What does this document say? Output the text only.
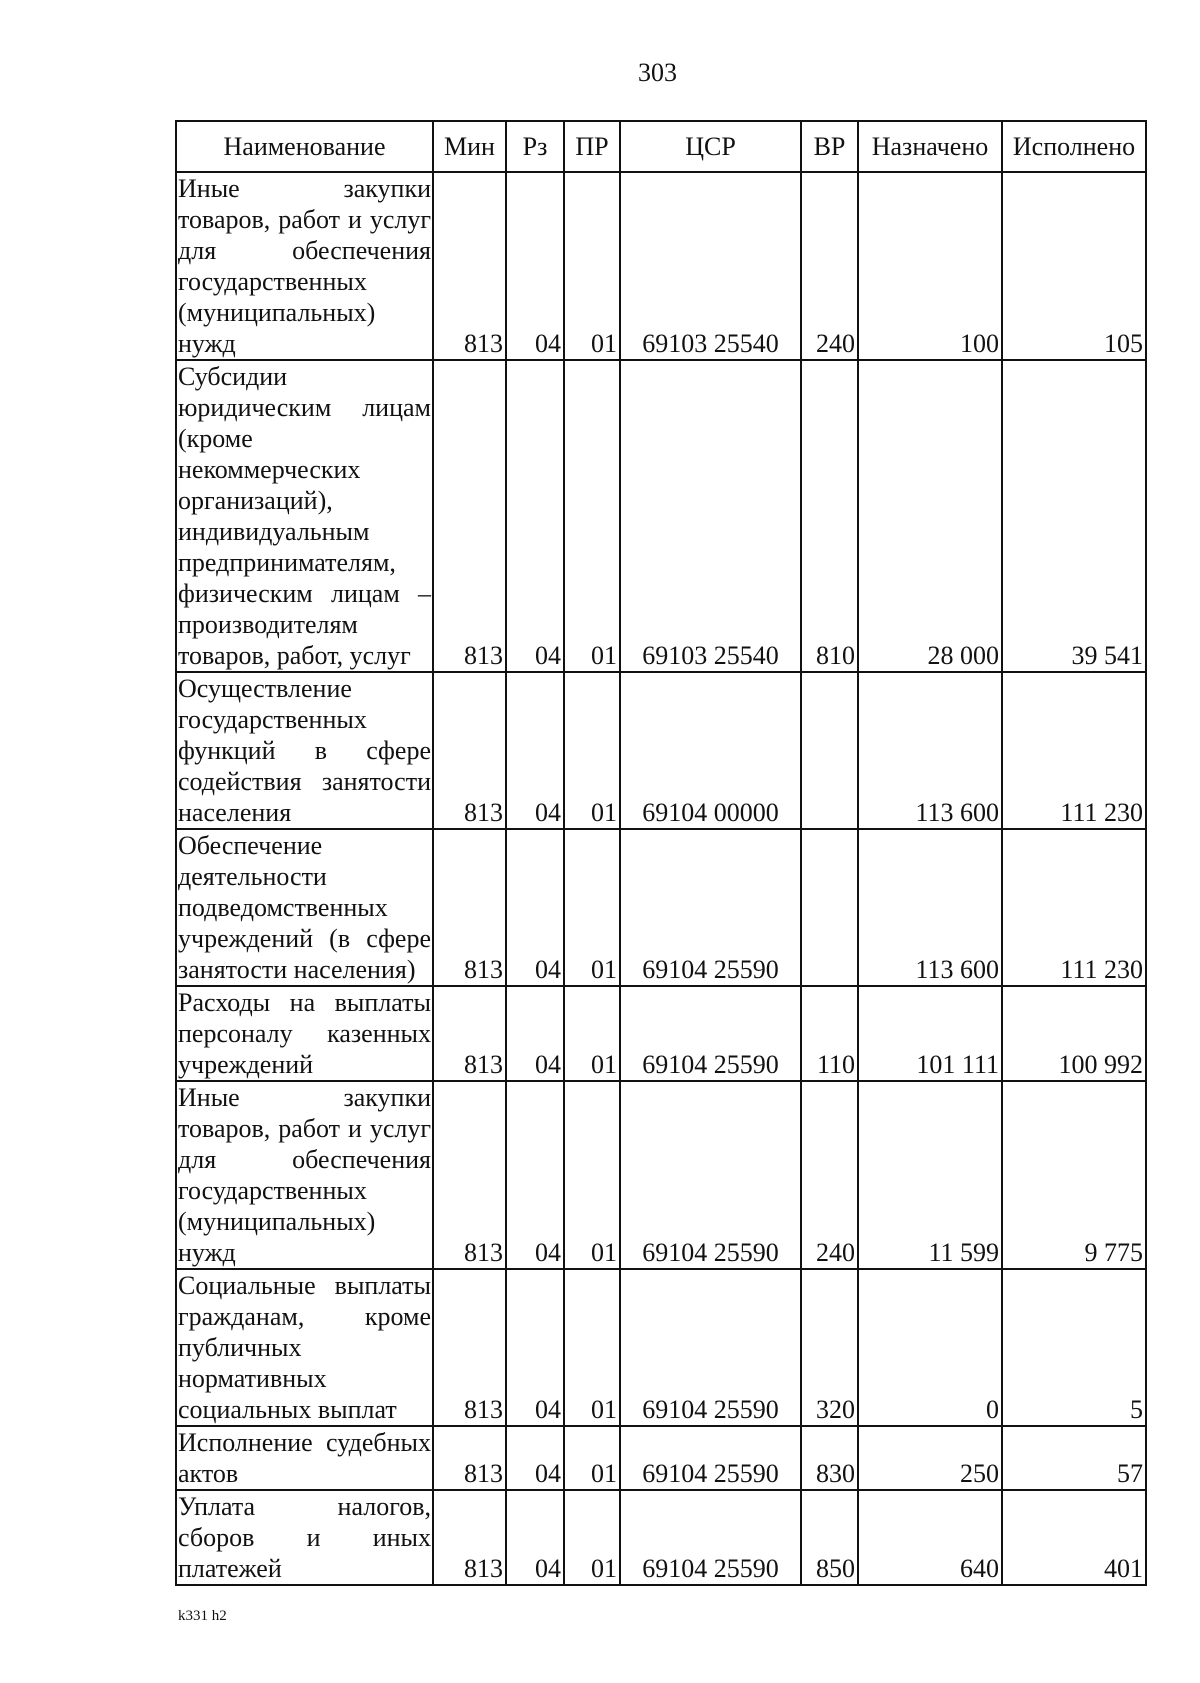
303
Наименование	Мин	Рз	ПР	ЦСР	ВР	Назначено	Исполнено
Иные закупки товаров, работ и услуг для обеспечения государственных (муниципальных) нужд	813	04	01	69103 25540	240	100	105
Субсидии юридическим лицам (кроме некоммерческих организаций), индивидуальным предпринимателям, физическим лицам – производителям товаров, работ, услуг	813	04	01	69103 25540	810	28 000	39 541
Осуществление государственных функций в сфере содействия занятости населения	813	04	01	69104 00000		113 600	111 230
Обеспечение деятельности подведомственных учреждений (в сфере занятости населения)	813	04	01	69104 25590		113 600	111 230
Расходы на выплаты персоналу казенных учреждений	813	04	01	69104 25590	110	101 111	100 992
Иные закупки товаров, работ и услуг для обеспечения государственных (муниципальных) нужд	813	04	01	69104 25590	240	11 599	9 775
Социальные выплаты гражданам, кроме публичных нормативных социальных выплат	813	04	01	69104 25590	320	0	5
Исполнение судебных актов	813	04	01	69104 25590	830	250	57
Уплата налогов, сборов и иных платежей	813	04	01	69104 25590	850	640	401
k331 h2
